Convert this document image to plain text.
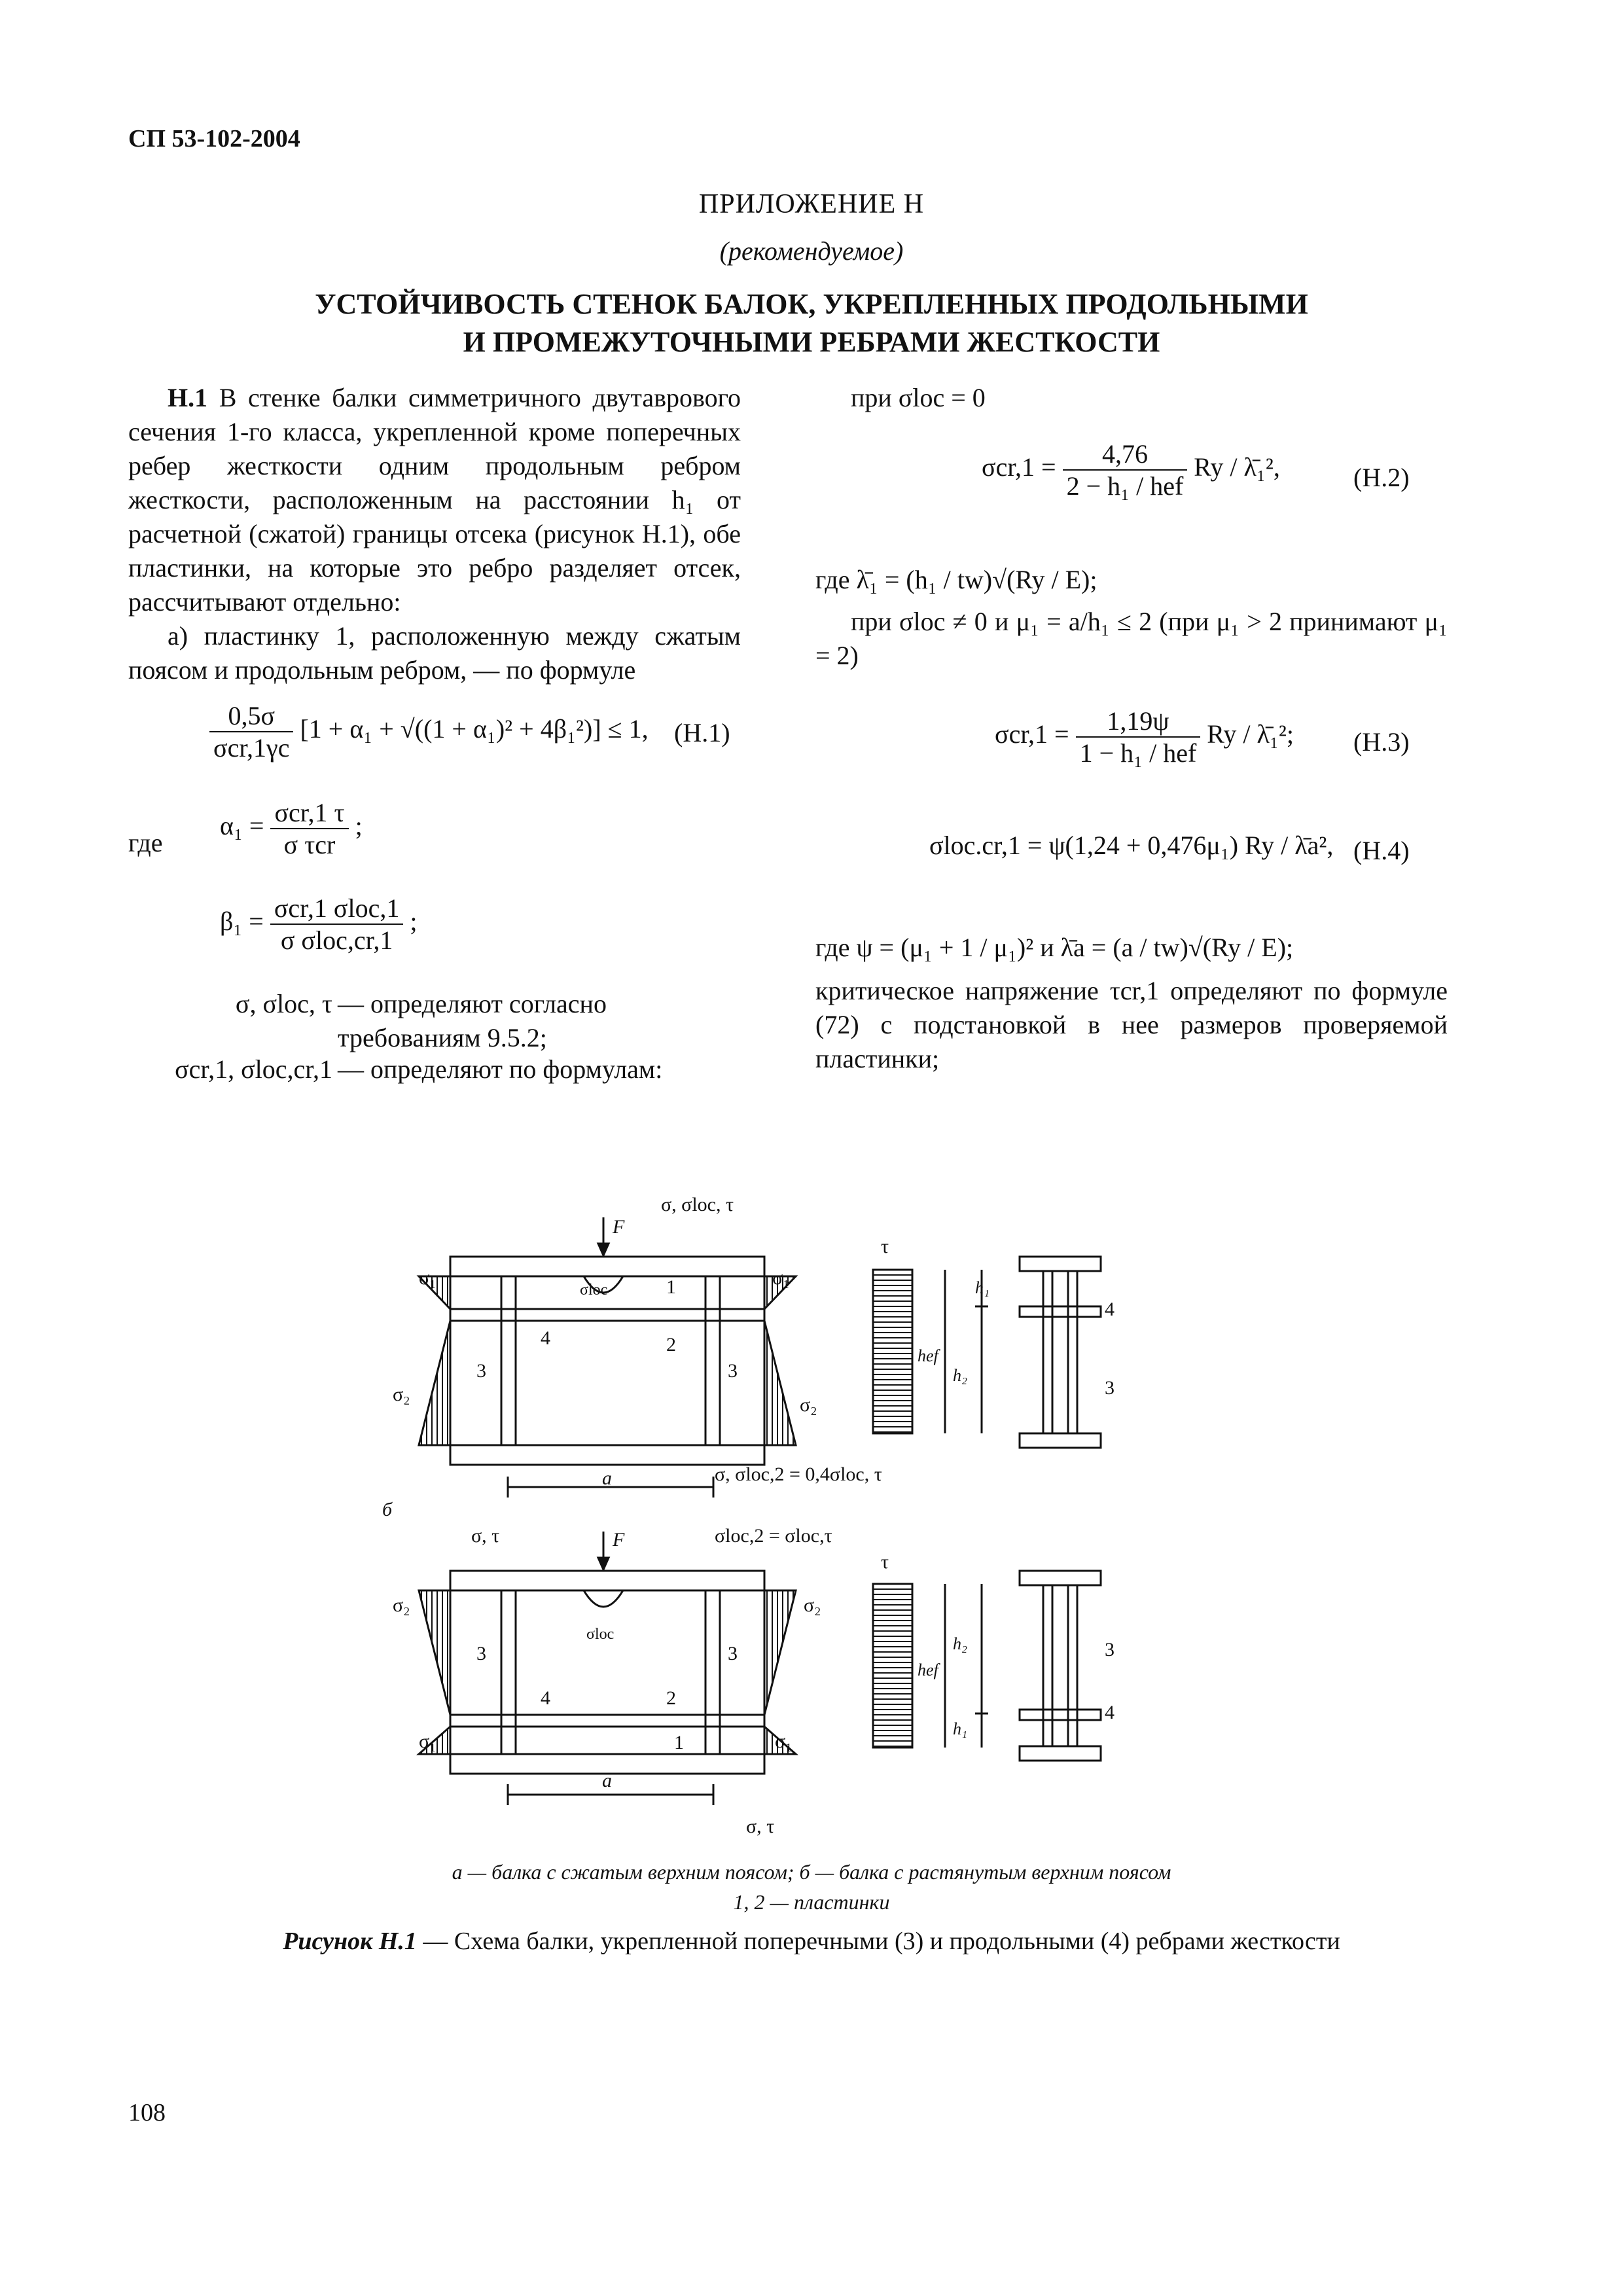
СП 53-102-2004
ПРИЛОЖЕНИЕ Н
(рекомендуемое)
УСТОЙЧИВОСТЬ СТЕНОК БАЛОК, УКРЕПЛЕННЫХ ПРОДОЛЬНЫМИ
И ПРОМЕЖУТОЧНЫМИ РЕБРАМИ ЖЕСТКОСТИ
Н.1 В стенке балки симметричного двутаврового сечения 1-го класса, укрепленной кроме поперечных ребер жесткости одним продольным ребром жесткости, расположенным на расстоянии h₁ от расчетной (сжатой) границы отсека (рисунок Н.1), обе пластинки, на которые это ребро разделяет отсек, рассчитывают отдельно:
а) пластинку 1, расположенную между сжатым поясом и продольным ребром, — по формуле
$\frac{0,5\sigma}{\text{σcr,1γc}} [1 + \alpha_1 + √((1 + \alpha_1)^2 + 4\beta_1^2)] \le 1$, (Н.1)
где
$\alpha_1 = \frac{\text{σcr,1 τ}}{\text{σ τcr}}$ ;
$\beta_1 = \frac{\text{σcr,1 σloc,1}}{\text{σ σloc,cr,1}}$ ;
σ, σloc, τ — определяют согласно требованиям 9.5.2;
σcr,1, σloc,cr,1 — определяют по формулам:
при σloc = 0
$\sigma cr,1 = \frac{4,76}{\text{2 − h₁ / hef}}$ Ry / λ̄₁²,	(Н.2)
где λ̄₁ = (h₁ / tw)√(Ry / E);
при σloc ≠ 0 и μ₁ = a/h₁ ≤ 2 (при μ₁ > 2 принимают μ₁ = 2)
$\sigma cr,1 = \frac{1,19\psi}{\text{1 − h₁ / hef}}$ Ry / λ̄₁²; (Н.3)
σloc.cr,1 = ψ(1,24 + 0,476μ₁) Ry / λ̄a², (Н.4)
где ψ = (μ₁ + 1 / μ₁)² и λ̄a = (a / tw)√(Ry / E);
критическое напряжение τcr,1 определяют по формуле (72) с подстановкой в нее размеров проверяемой пластинки;
σ, σloc, τ
F
σ₁	σ₁
σ₂	σ₂
σloc	1
2
4
3	3
a
τ
h₁
hef
h₂
4
3
σ, σloc,2 = 0,4σloc, τ
б
σ, τ	F	σloc,2 = σloc,τ
σ₂	σ₂
σloc
3	3
4	2
1
σ₁	σ₁
a
σ, τ
τ
hef
h₂
h₁
3
4
а — балка с сжатым верхним поясом; б — балка с растянутым верхним поясом
1, 2 — пластинки
Рисунок Н.1 — Схема балки, укрепленной поперечными (3) и продольными (4) ребрами жесткости
108
